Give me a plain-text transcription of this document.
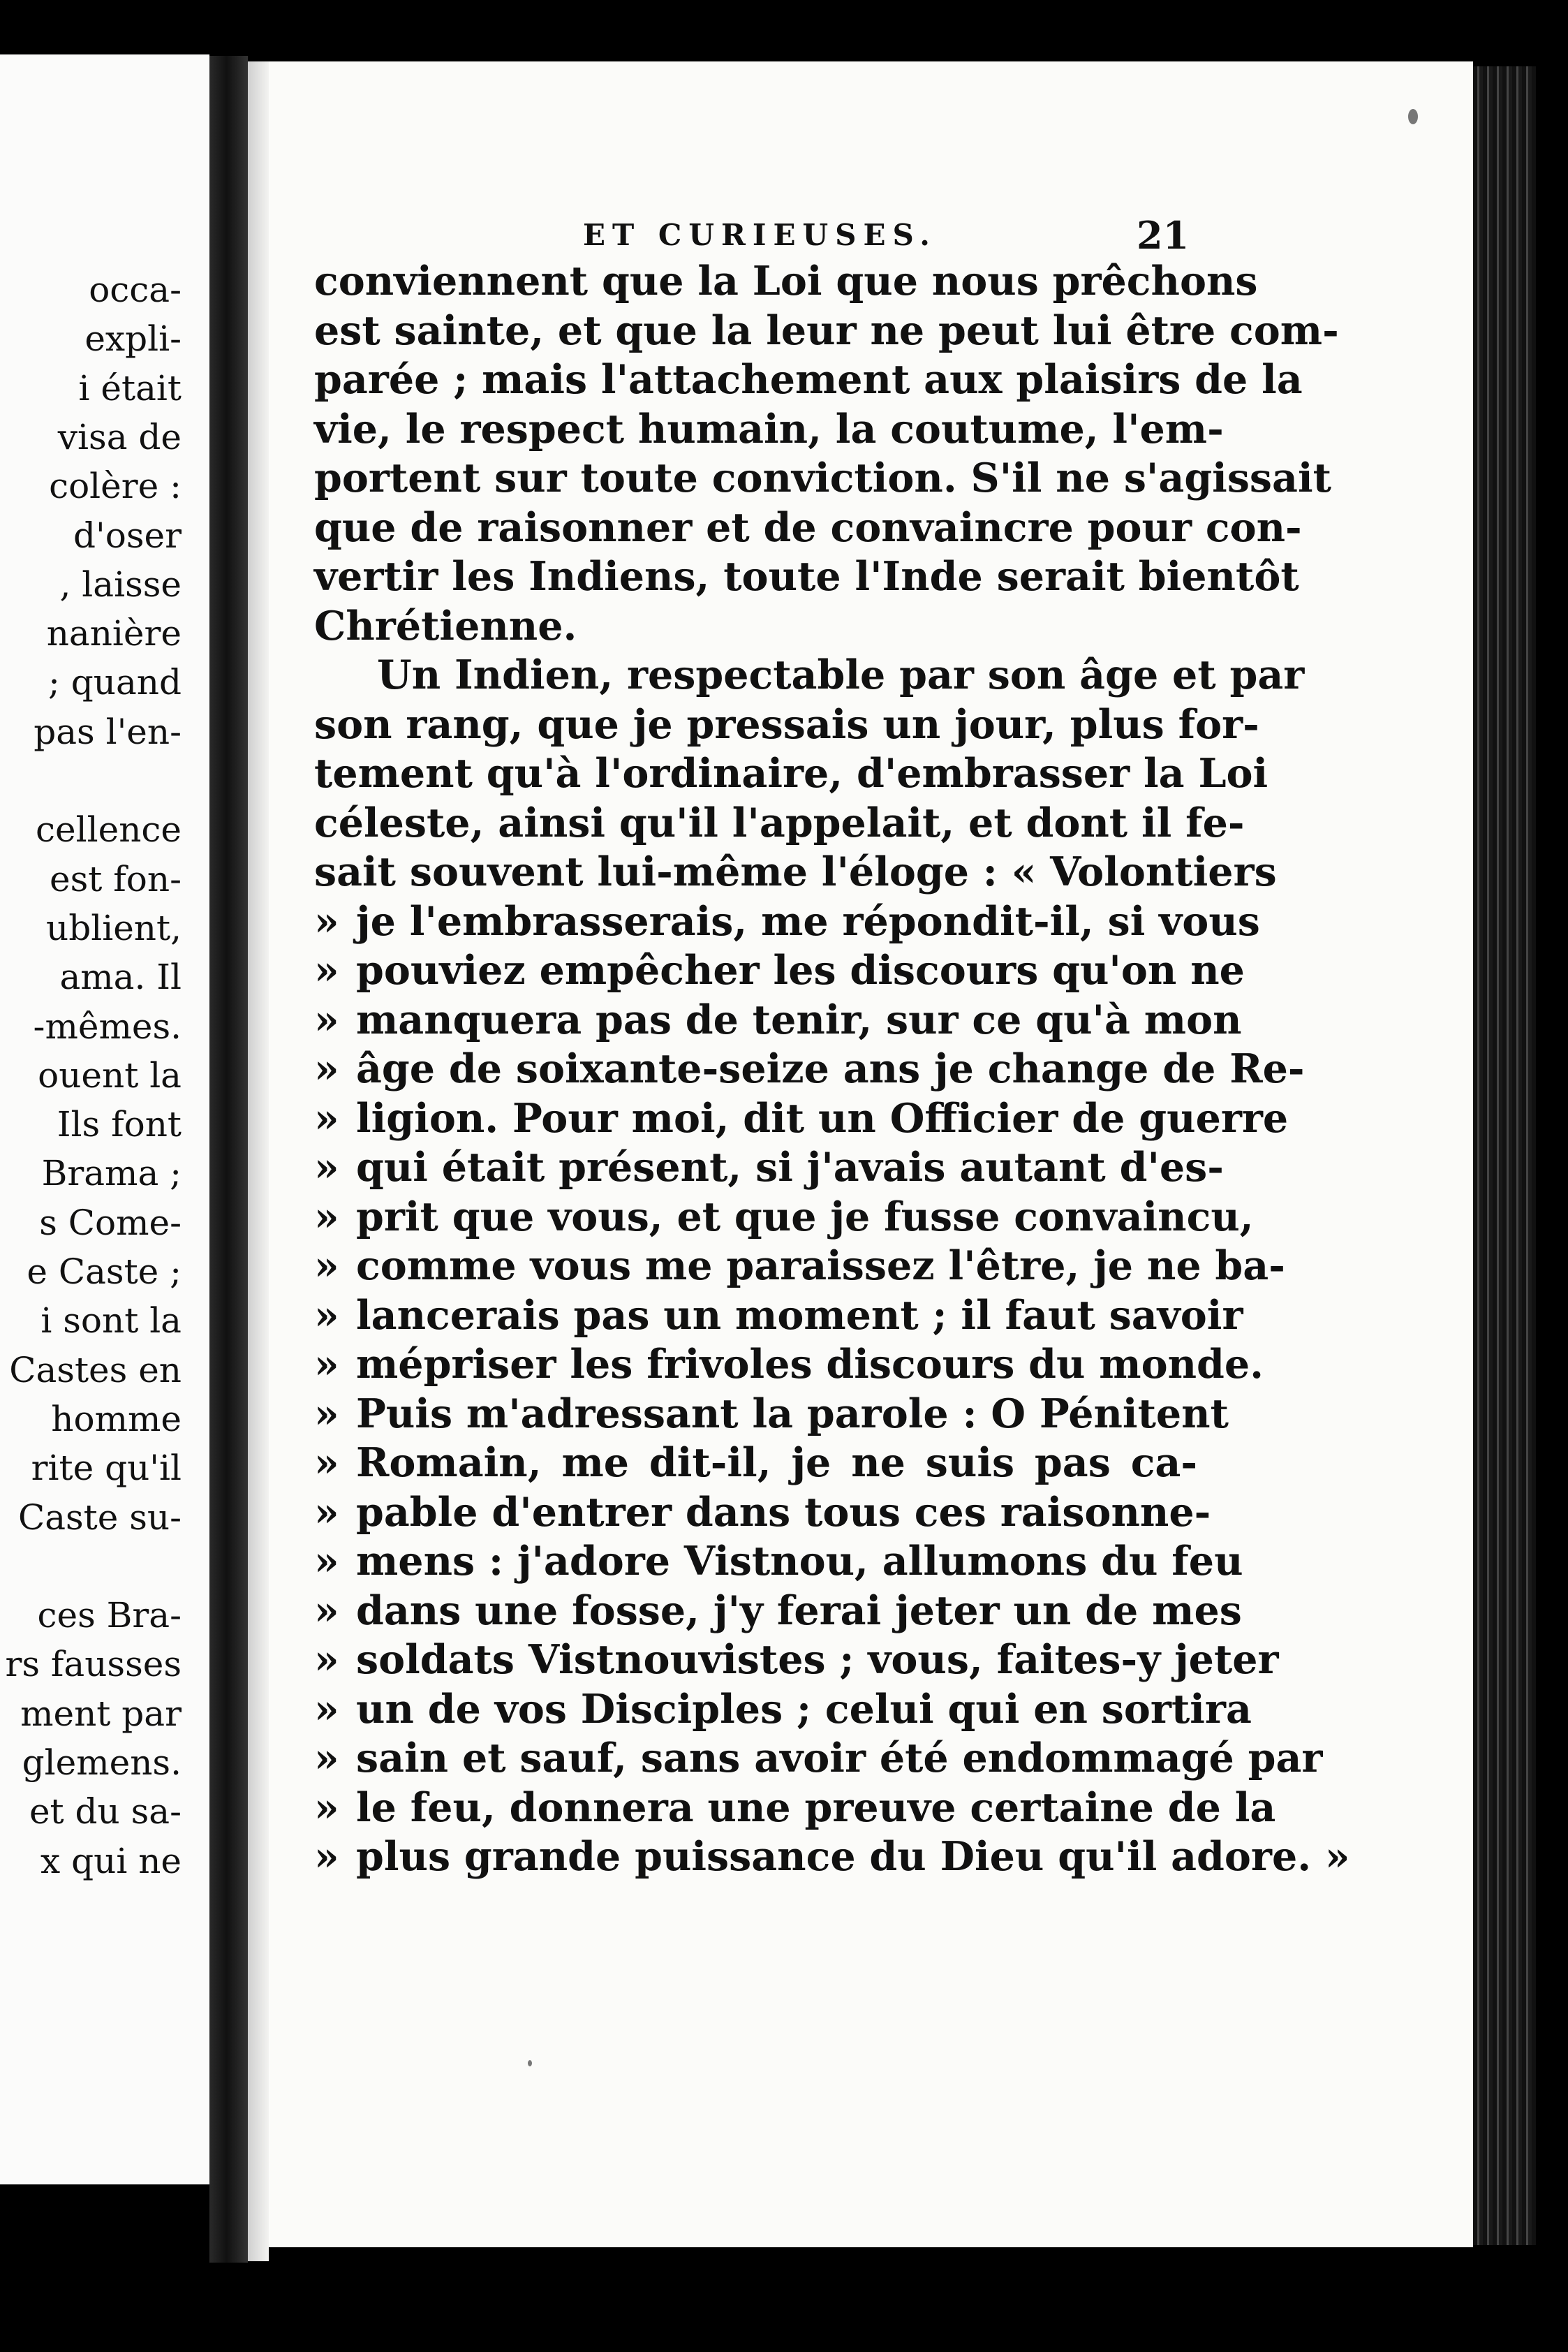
occa-
expli-
i était
visa de
colère :
d'oser
, laisse
nanière
; quand
pas l'en-
cellence
est fon-
ublient,
ama. Il
-mêmes.
ouent la
Ils font
Brama ;
s Come-
e Caste ;
i sont la
Castes en
homme
rite qu'il
Caste su-
ces Bra-
rs fausses
ment par
glemens.
et du sa-
x qui ne
ET CURIEUSES.	21
conviennent que la Loi que nous prêchons
est sainte, et que la leur ne peut lui être com-
parée ; mais l'attachement aux plaisirs de la
vie, le respect humain, la coutume, l'em-
portent sur toute conviction. S'il ne s'agissait
que de raisonner et de convaincre pour con-
vertir les Indiens, toute l'Inde serait bientôt
Chrétienne.
Un Indien, respectable par son âge et par
son rang, que je pressais un jour, plus for-
tement qu'à l'ordinaire, d'embrasser la Loi
céleste, ainsi qu'il l'appelait, et dont il fe-
sait souvent lui-même l'éloge : « Volontiers
» je l'embrasserais, me répondit-il, si vous
» pouviez empêcher les discours qu'on ne
» manquera pas de tenir, sur ce qu'à mon
» âge de soixante-seize ans je change de Re-
» ligion. Pour moi, dit un Officier de guerre
» qui était présent, si j'avais autant d'es-
» prit que vous, et que je fusse convaincu,
» comme vous me paraissez l'être, je ne ba-
» lancerais pas un moment ; il faut savoir
» mépriser les frivoles discours du monde.
» Puis m'adressant la parole : O Pénitent
» Romain, me dit-il, je ne suis pas ca-
» pable d'entrer dans tous ces raisonne-
» mens : j'adore Vistnou, allumons du feu
» dans une fosse, j'y ferai jeter un de mes
» soldats Vistnouvistes ; vous, faites-y jeter
» un de vos Disciples ; celui qui en sortira
» sain et sauf, sans avoir été endommagé par
» le feu, donnera une preuve certaine de la
» plus grande puissance du Dieu qu'il adore. »
